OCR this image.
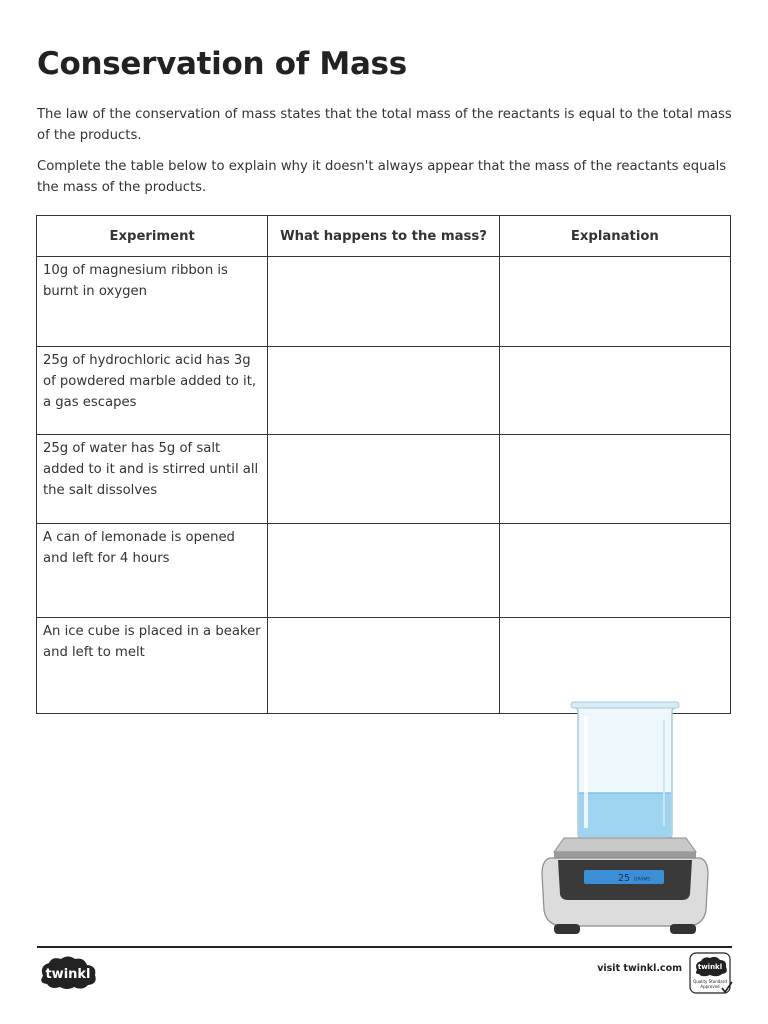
Conservation of Mass

The law of the conservation of mass states that the total mass of the reactants is equal to the total mass of the products.

Complete the table below to explain why it doesn't always appear that the mass of the reactants equals the mass of the products.

Experiment	What happens to the mass?	Explanation
10g of magnesium ribbon is burnt in oxygen		
25g of hydrochloric acid has 3g of powdered marble added to it, a gas escapes		
25g of water has 5g of salt added to it and is stirred until all the salt dissolves		
A can of lemonade is opened and left for 4 hours		
An ice cube is placed in a beaker and left to melt		
25 GRAMS
twinkl	visit twinkl.com twinkl
Quality Standard
Approved
